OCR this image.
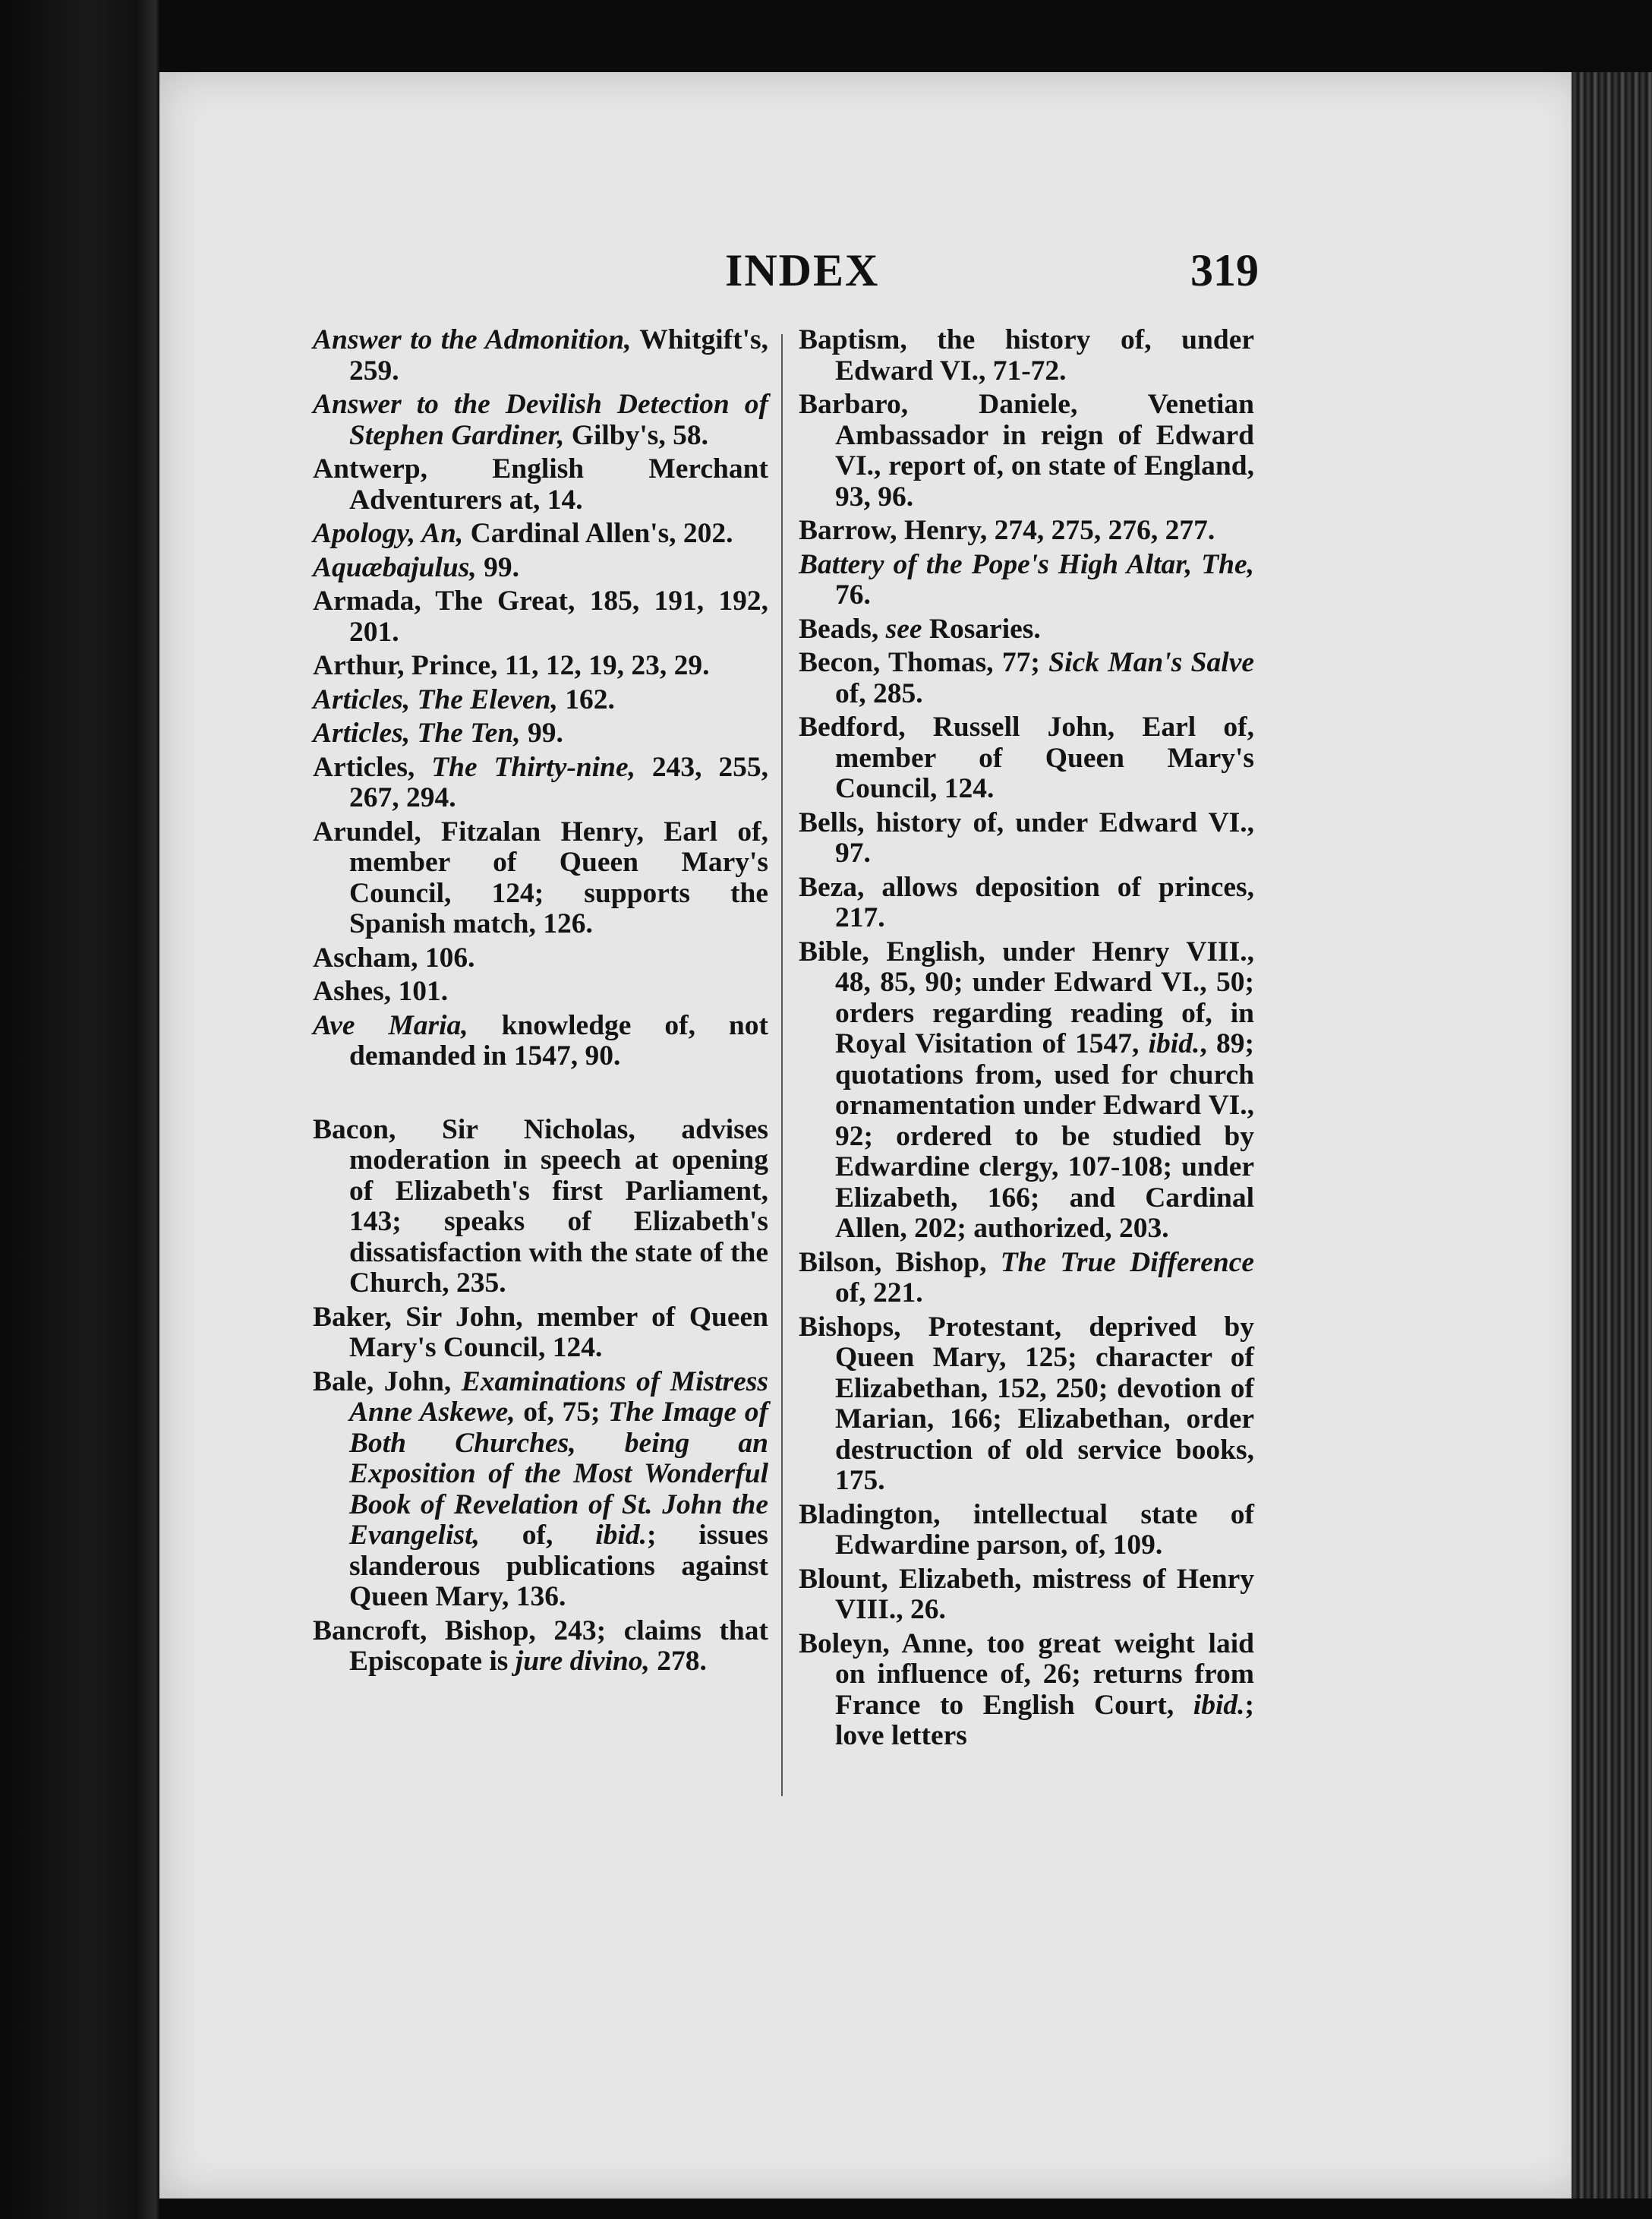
INDEX	319

Answer to the Admonition, Whitgift's, 259.

Answer to the Devilish Detection of Stephen Gardiner, Gilby's, 58.

Antwerp, English Merchant Adventurers at, 14.

Apology, An, Cardinal Allen's, 202.

Aquæbajulus, 99.

Armada, The Great, 185, 191, 192, 201.

Arthur, Prince, 11, 12, 19, 23, 29.

Articles, The Eleven, 162.

Articles, The Ten, 99.

Articles, The Thirty-nine, 243, 255, 267, 294.

Arundel, Fitzalan Henry, Earl of, member of Queen Mary's Council, 124; supports the Spanish match, 126.

Ascham, 106.

Ashes, 101.

Ave Maria, knowledge of, not demanded in 1547, 90.

Bacon, Sir Nicholas, advises moderation in speech at opening of Elizabeth's first Parliament, 143; speaks of Elizabeth's dissatisfaction with the state of the Church, 235.

Baker, Sir John, member of Queen Mary's Council, 124.

Bale, John, Examinations of Mistress Anne Askewe, of, 75; The Image of Both Churches, being an Exposition of the Most Wonderful Book of Revelation of St. John the Evangelist, of, ibid.; issues slanderous publications against Queen Mary, 136.

Bancroft, Bishop, 243; claims that Episcopate is jure divino, 278.

Baptism, the history of, under Edward VI., 71-72.

Barbaro, Daniele, Venetian Ambassador in reign of Edward VI., report of, on state of England, 93, 96.

Barrow, Henry, 274, 275, 276, 277.

Battery of the Pope's High Altar, The, 76.

Beads, see Rosaries.

Becon, Thomas, 77; Sick Man's Salve of, 285.

Bedford, Russell John, Earl of, member of Queen Mary's Council, 124.

Bells, history of, under Edward VI., 97.

Beza, allows deposition of princes, 217.

Bible, English, under Henry VIII., 48, 85, 90; under Edward VI., 50; orders regarding reading of, in Royal Visitation of 1547, ibid., 89; quotations from, used for church ornamentation under Edward VI., 92; ordered to be studied by Edwardine clergy, 107-108; under Elizabeth, 166; and Cardinal Allen, 202; authorized, 203.

Bilson, Bishop, The True Difference of, 221.

Bishops, Protestant, deprived by Queen Mary, 125; character of Elizabethan, 152, 250; devotion of Marian, 166; Elizabethan, order destruction of old service books, 175.

Bladington, intellectual state of Edwardine parson, of, 109.

Blount, Elizabeth, mistress of Henry VIII., 26.

Boleyn, Anne, too great weight laid on influence of, 26; returns from France to English Court, ibid.; love letters
